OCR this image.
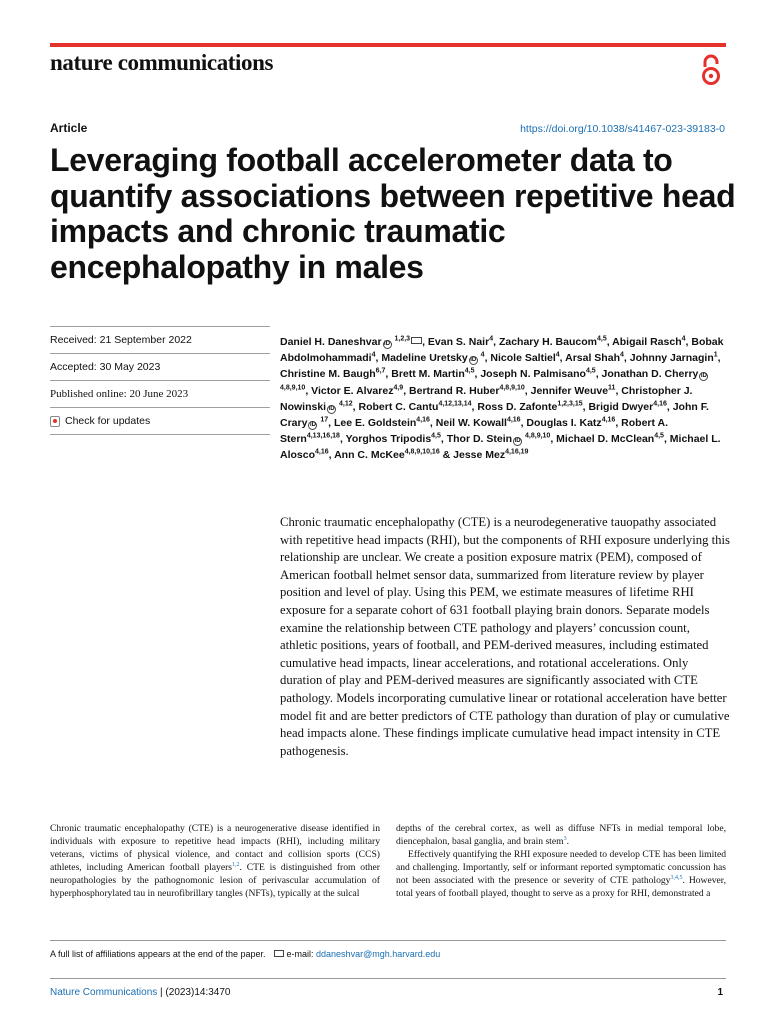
nature communications
Article	https://doi.org/10.1038/s41467-023-39183-0
Leveraging football accelerometer data to quantify associations between repetitive head impacts and chronic traumatic encephalopathy in males
Received: 21 September 2022
Accepted: 30 May 2023
Published online: 20 June 2023
Check for updates

Daniel H. Daneshvar iD $^{1,2,3}$ , Evan S. Nair$^4$, Zachary H. Baucom$^{4,5}$, Abigail Rasch$^4$, Bobak Abdolmohammadi$^4$, Madeline Uretsky iD $^4$, Nicole Saltiel$^4$, Arsal Shah$^4$, Johnny Jarnagin$^1$, Christine M. Baugh$^{6,7}$, Brett M. Martin$^{4,5}$, Joseph N. Palmisano$^{4,5}$, Jonathan D. Cherry iD $^{4,8,9,10}$, Victor E. Alvarez$^{4,9}$, Bertrand R. Huber$^{4,8,9,10}$, Jennifer Weuve$^{11}$, Christopher J. Nowinski iD $^{4,12}$, Robert C. Cantu$^{4,12,13,14}$, Ross D. Zafonte$^{1,2,3,15}$, Brigid Dwyer$^{4,16}$, John F. Crary iD $^{17}$, Lee E. Goldstein$^{4,16}$, Neil W. Kowall$^{4,16}$, Douglas I. Katz$^{4,16}$, Robert A. Stern$^{4,13,16,18}$, Yorghos Tripodis$^{4,5}$, Thor D. Stein iD $^{4,8,9,10}$, Michael D. McClean$^{4,5}$, Michael L. Alosco$^{4,16}$, Ann C. McKee$^{4,8,9,10,16}$ & Jesse Mez$^{4,16,19}$

Chronic traumatic encephalopathy (CTE) is a neurodegenerative tauopathy associated with repetitive head impacts (RHI), but the components of RHI exposure underlying this relationship are unclear. We create a position exposure matrix (PEM), composed of American football helmet sensor data, summarized from literature review by player position and level of play. Using this PEM, we estimate measures of lifetime RHI exposure for a separate cohort of 631 football playing brain donors. Separate models examine the relationship between CTE pathology and players’ concussion count, athletic positions, years of football, and PEM-derived measures, including estimated cumulative head impacts, linear accelerations, and rotational accelerations. Only duration of play and PEM-derived measures are significantly associated with CTE pathology. Models incorporating cumulative linear or rotational acceleration have better model fit and are better predictors of CTE pathology than duration of play or cumulative head impacts alone. These findings implicate cumulative head impact intensity in CTE pathogenesis.

Chronic traumatic encephalopathy (CTE) is a neurogenerative disease identified in individuals with exposure to repetitive head impacts (RHI), including military veterans, victims of physical violence, and contact and collision sports (CCS) athletes, including American football players$^{1,2}$. CTE is distinguished from other neuropathologies by the pathognomonic lesion of perivascular accumulation of hyperphosphorylated tau in neurofibrillary tangles (NFTs), typically at the sulcal

depths of the cerebral cortex, as well as diffuse NFTs in medial temporal lobe, diencephalon, basal ganglia, and brain stem$^3$.
Effectively quantifying the RHI exposure needed to develop CTE has been limited and challenging. Importantly, self or informant reported symptomatic concussion has not been associated with the presence or severity of CTE pathology$^{3,4,5}$. However, total years of football played, thought to serve as a proxy for RHI, demonstrated a

A full list of affiliations appears at the end of the paper. e-mail: ddaneshvar@mgh.harvard.edu
Nature Communications | (2023)14:3470	1
